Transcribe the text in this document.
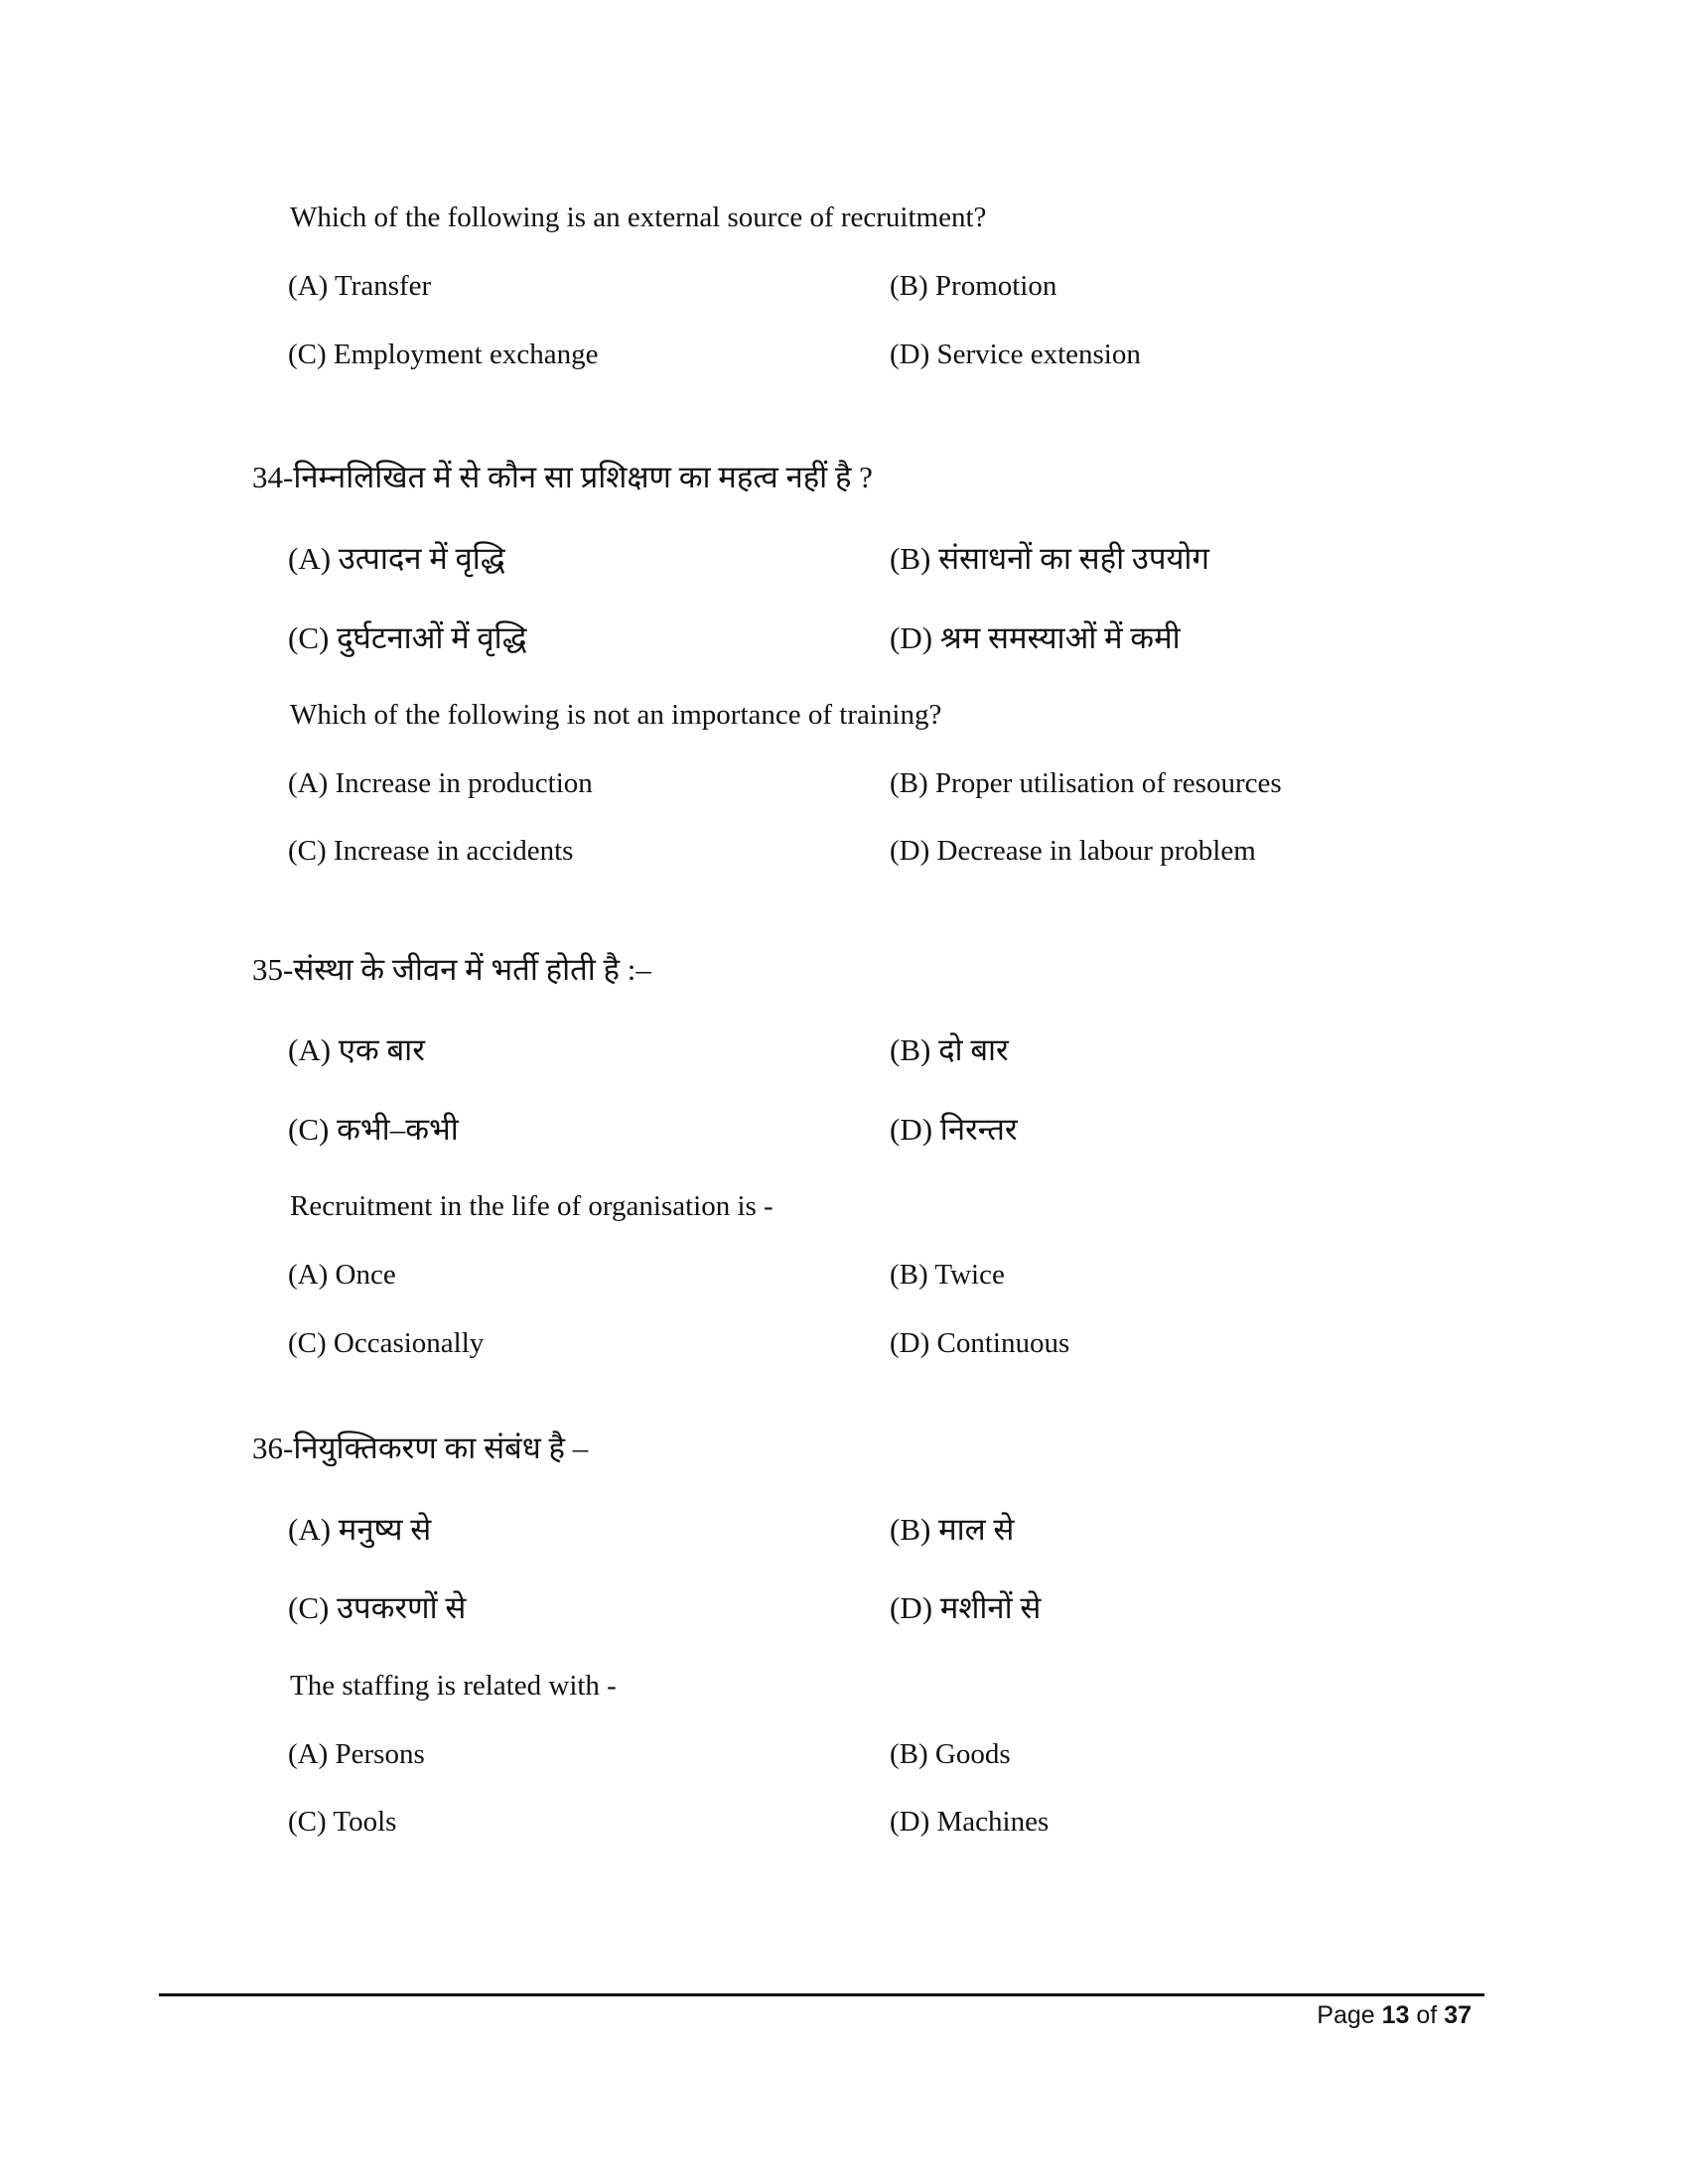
Which of the following is an external source of recruitment?
(A) Transfer	(B) Promotion
(C) Employment exchange	(D) Service extension
34-निम्नलिखित में से कौन सा प्रशिक्षण का महत्व नहीं है ?
(A) उत्पादन में वृद्धि	(B) संसाधनों का सही उपयोग
(C) दुर्घटनाओं में वृद्धि	(D) श्रम समस्याओं में कमी
Which of the following is not an importance of training?
(A) Increase in production	(B) Proper utilisation of resources
(C) Increase in accidents	(D) Decrease in labour problem
35-संस्था के जीवन में भर्ती होती है :–
(A) एक बार	(B) दो बार
(C) कभी–कभी	(D) निरन्तर
Recruitment in the life of organisation is -
(A) Once	(B) Twice
(C) Occasionally	(D) Continuous
36-नियुक्तिकरण का संबंध है –
(A) मनुष्य से	(B) माल से
(C) उपकरणों से	(D) मशीनों से
The staffing is related with -
(A) Persons	(B) Goods
(C) Tools	(D) Machines
Page 13 of 37
